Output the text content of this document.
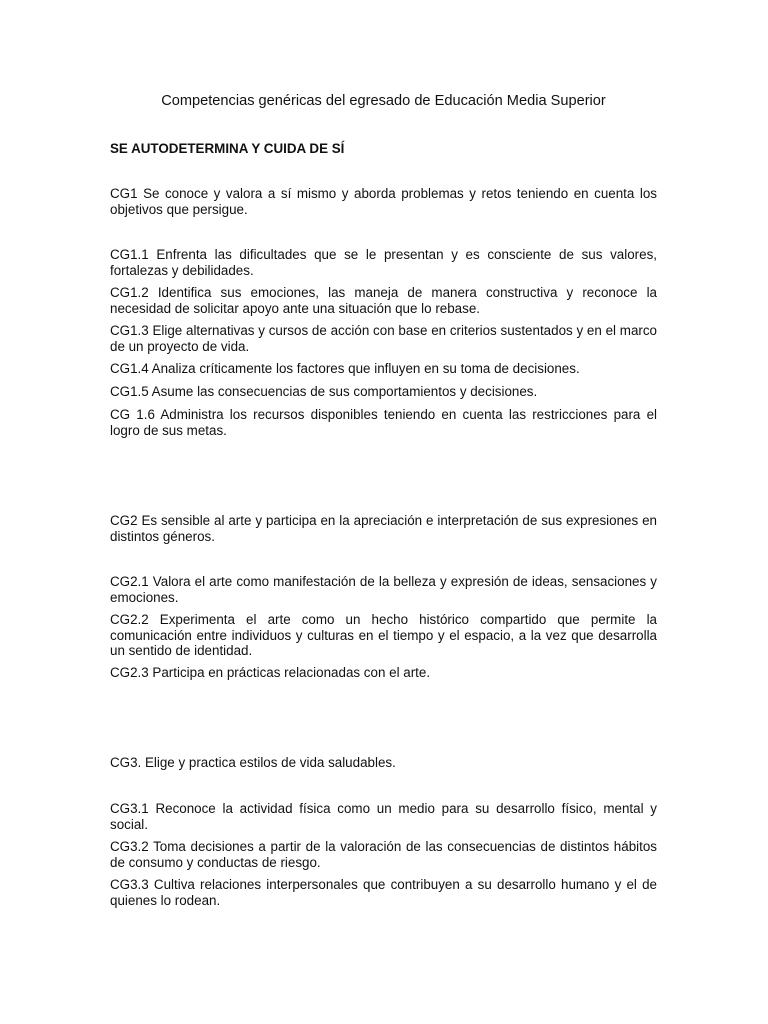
Competencias genéricas del egresado de Educación Media Superior
SE AUTODETERMINA Y CUIDA DE SÍ

CG1 Se conoce y valora a sí mismo y aborda problemas y retos teniendo en cuenta los objetivos que persigue.

CG1.1 Enfrenta las dificultades que se le presentan y es consciente de sus valores, fortalezas y debilidades.

CG1.2 Identifica sus emociones, las maneja de manera constructiva y reconoce la necesidad de solicitar apoyo ante una situación que lo rebase.

CG1.3 Elige alternativas y cursos de acción con base en criterios sustentados y en el marco de un proyecto de vida.

CG1.4 Analiza críticamente los factores que influyen en su toma de decisiones.

CG1.5 Asume las consecuencias de sus comportamientos y decisiones.

CG 1.6 Administra los recursos disponibles teniendo en cuenta las restricciones para el logro de sus metas.

CG2 Es sensible al arte y participa en la apreciación e interpretación de sus expresiones en distintos géneros.

CG2.1 Valora el arte como manifestación de la belleza y expresión de ideas, sensaciones y emociones.

CG2.2 Experimenta el arte como un hecho histórico compartido que permite la comunicación entre individuos y culturas en el tiempo y el espacio, a la vez que desarrolla un sentido de identidad.

CG2.3 Participa en prácticas relacionadas con el arte.

CG3. Elige y practica estilos de vida saludables.

CG3.1 Reconoce la actividad física como un medio para su desarrollo físico, mental y social.

CG3.2 Toma decisiones a partir de la valoración de las consecuencias de distintos hábitos de consumo y conductas de riesgo.

CG3.3 Cultiva relaciones interpersonales que contribuyen a su desarrollo humano y el de quienes lo rodean.
